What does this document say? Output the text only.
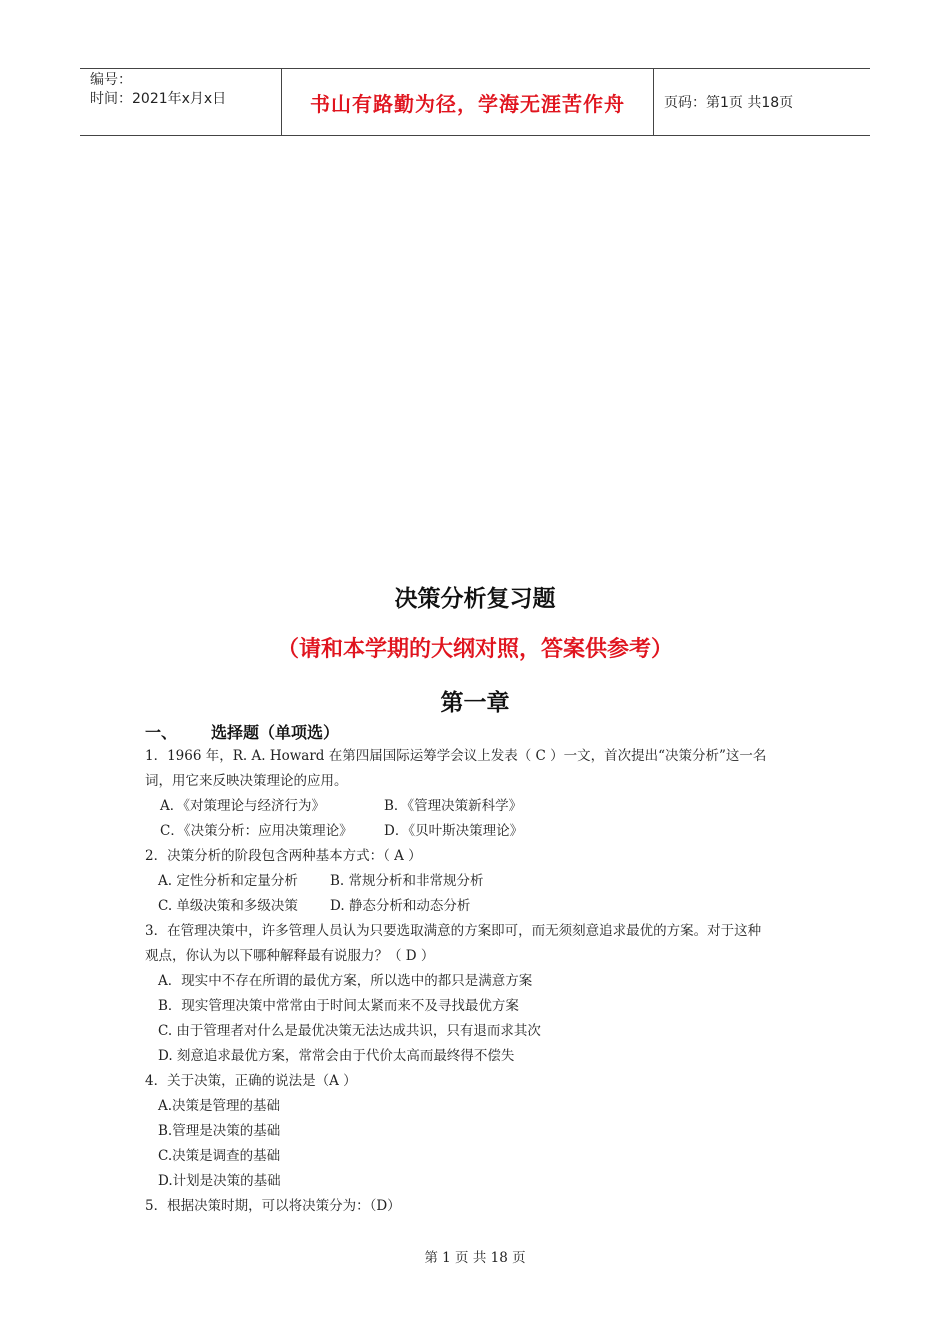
编号：
时间：2021年x月x日	书山有路勤为径，学海无涯苦作舟	页码：第1页 共18页
决策分析复习题
（请和本学期的大纲对照，答案供参考）
第一章
一、 选择题（单项选）
1．1966 年，R. A. Howard 在第四届国际运筹学会议上发表（ C ）一文，首次提出“决策分析”这一名
词，用它来反映决策理论的应用。
A．《对策理论与经济行为》	B．《管理决策新科学》
C．《决策分析：应用决策理论》 D．《贝叶斯决策理论》
2．决策分析的阶段包含两种基本方式：（ A ）
A. 定性分析和定量分析 B. 常规分析和非常规分析
C. 单级决策和多级决策 D. 静态分析和动态分析
3．在管理决策中，许多管理人员认为只要选取满意的方案即可，而无须刻意追求最优的方案。对于这种
观点，你认为以下哪种解释最有说服力？（ D ）
A．现实中不存在所谓的最优方案，所以选中的都只是满意方案
B．现实管理决策中常常由于时间太紧而来不及寻找最优方案
C. 由于管理者对什么是最优决策无法达成共识，只有退而求其次
D. 刻意追求最优方案，常常会由于代价太高而最终得不偿失
4．关于决策，正确的说法是（A ）
A.决策是管理的基础
B.管理是决策的基础
C.决策是调查的基础
D.计划是决策的基础
5．根据决策时期，可以将决策分为：（D）
第 1 页 共 18 页
